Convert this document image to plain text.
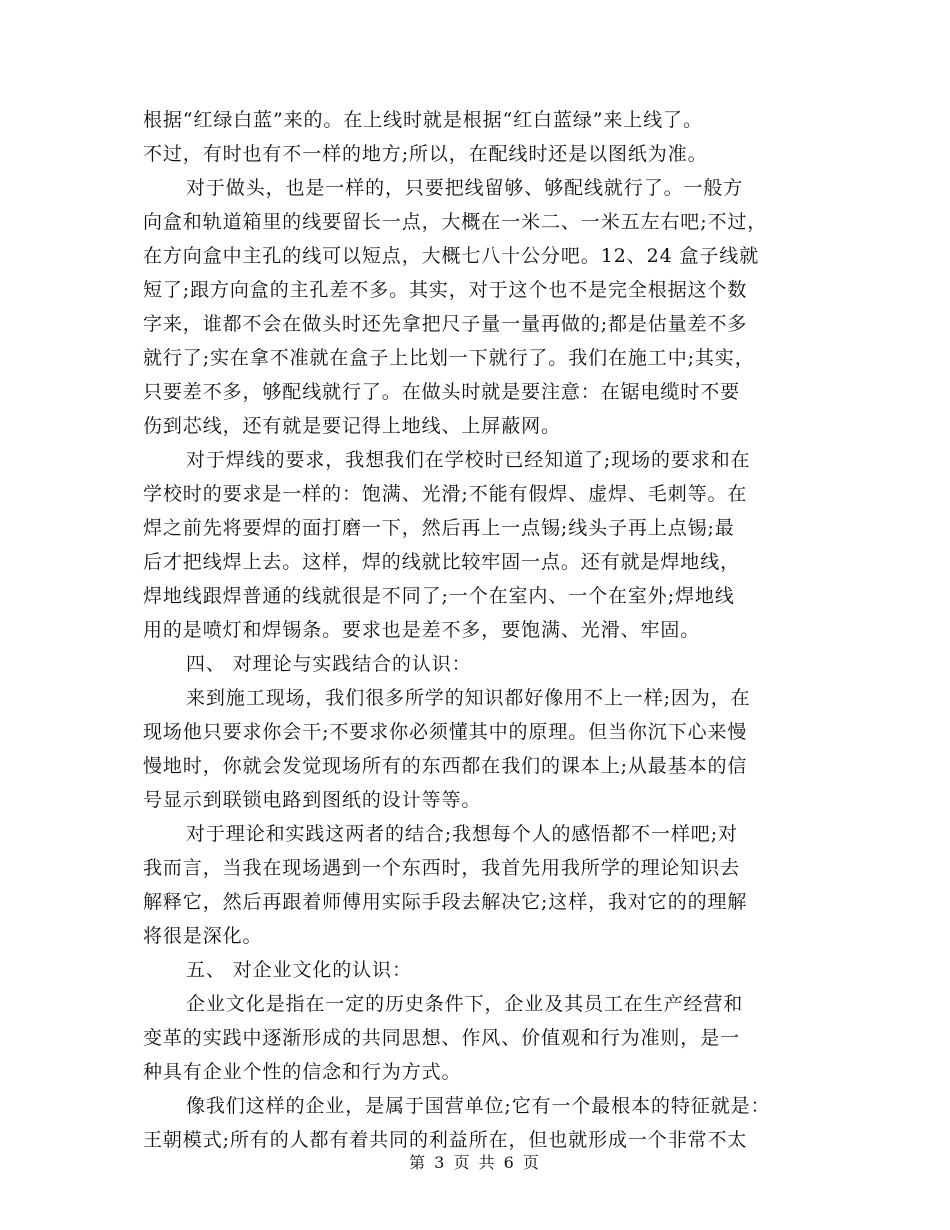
根据“红绿白蓝”来的。在上线时就是根据“红白蓝绿”来上线了。
不过，有时也有不一样的地方;所以，在配线时还是以图纸为准。
对于做头，也是一样的，只要把线留够、够配线就行了。一般方
向盒和轨道箱里的线要留长一点，大概在一米二、一米五左右吧;不过，
在方向盒中主孔的线可以短点，大概七八十公分吧。12、24 盒子线就
短了;跟方向盒的主孔差不多。其实，对于这个也不是完全根据这个数
字来，谁都不会在做头时还先拿把尺子量一量再做的;都是估量差不多
就行了;实在拿不准就在盒子上比划一下就行了。我们在施工中;其实，
只要差不多，够配线就行了。在做头时就是要注意：在锯电缆时不要
伤到芯线，还有就是要记得上地线、上屏蔽网。
对于焊线的要求，我想我们在学校时已经知道了;现场的要求和在
学校时的要求是一样的：饱满、光滑;不能有假焊、虚焊、毛刺等。在
焊之前先将要焊的面打磨一下，然后再上一点锡;线头子再上点锡;最
后才把线焊上去。这样，焊的线就比较牢固一点。还有就是焊地线，
焊地线跟焊普通的线就很是不同了;一个在室内、一个在室外;焊地线
用的是喷灯和焊锡条。要求也是差不多，要饱满、光滑、牢固。
四、 对理论与实践结合的认识：
来到施工现场，我们很多所学的知识都好像用不上一样;因为，在
现场他只要求你会干;不要求你必须懂其中的原理。但当你沉下心来慢
慢地时，你就会发觉现场所有的东西都在我们的课本上;从最基本的信
号显示到联锁电路到图纸的设计等等。
对于理论和实践这两者的结合;我想每个人的感悟都不一样吧;对
我而言，当我在现场遇到一个东西时，我首先用我所学的理论知识去
解释它，然后再跟着师傅用实际手段去解决它;这样，我对它的的理解
将很是深化。
五、 对企业文化的认识：
企业文化是指在一定的历史条件下，企业及其员工在生产经营和
变革的实践中逐渐形成的共同思想、作风、价值观和行为准则，是一
种具有企业个性的信念和行为方式。
像我们这样的企业，是属于国营单位;它有一个最根本的特征就是：
王朝模式;所有的人都有着共同的利益所在，但也就形成一个非常不太
第 3 页 共 6 页
